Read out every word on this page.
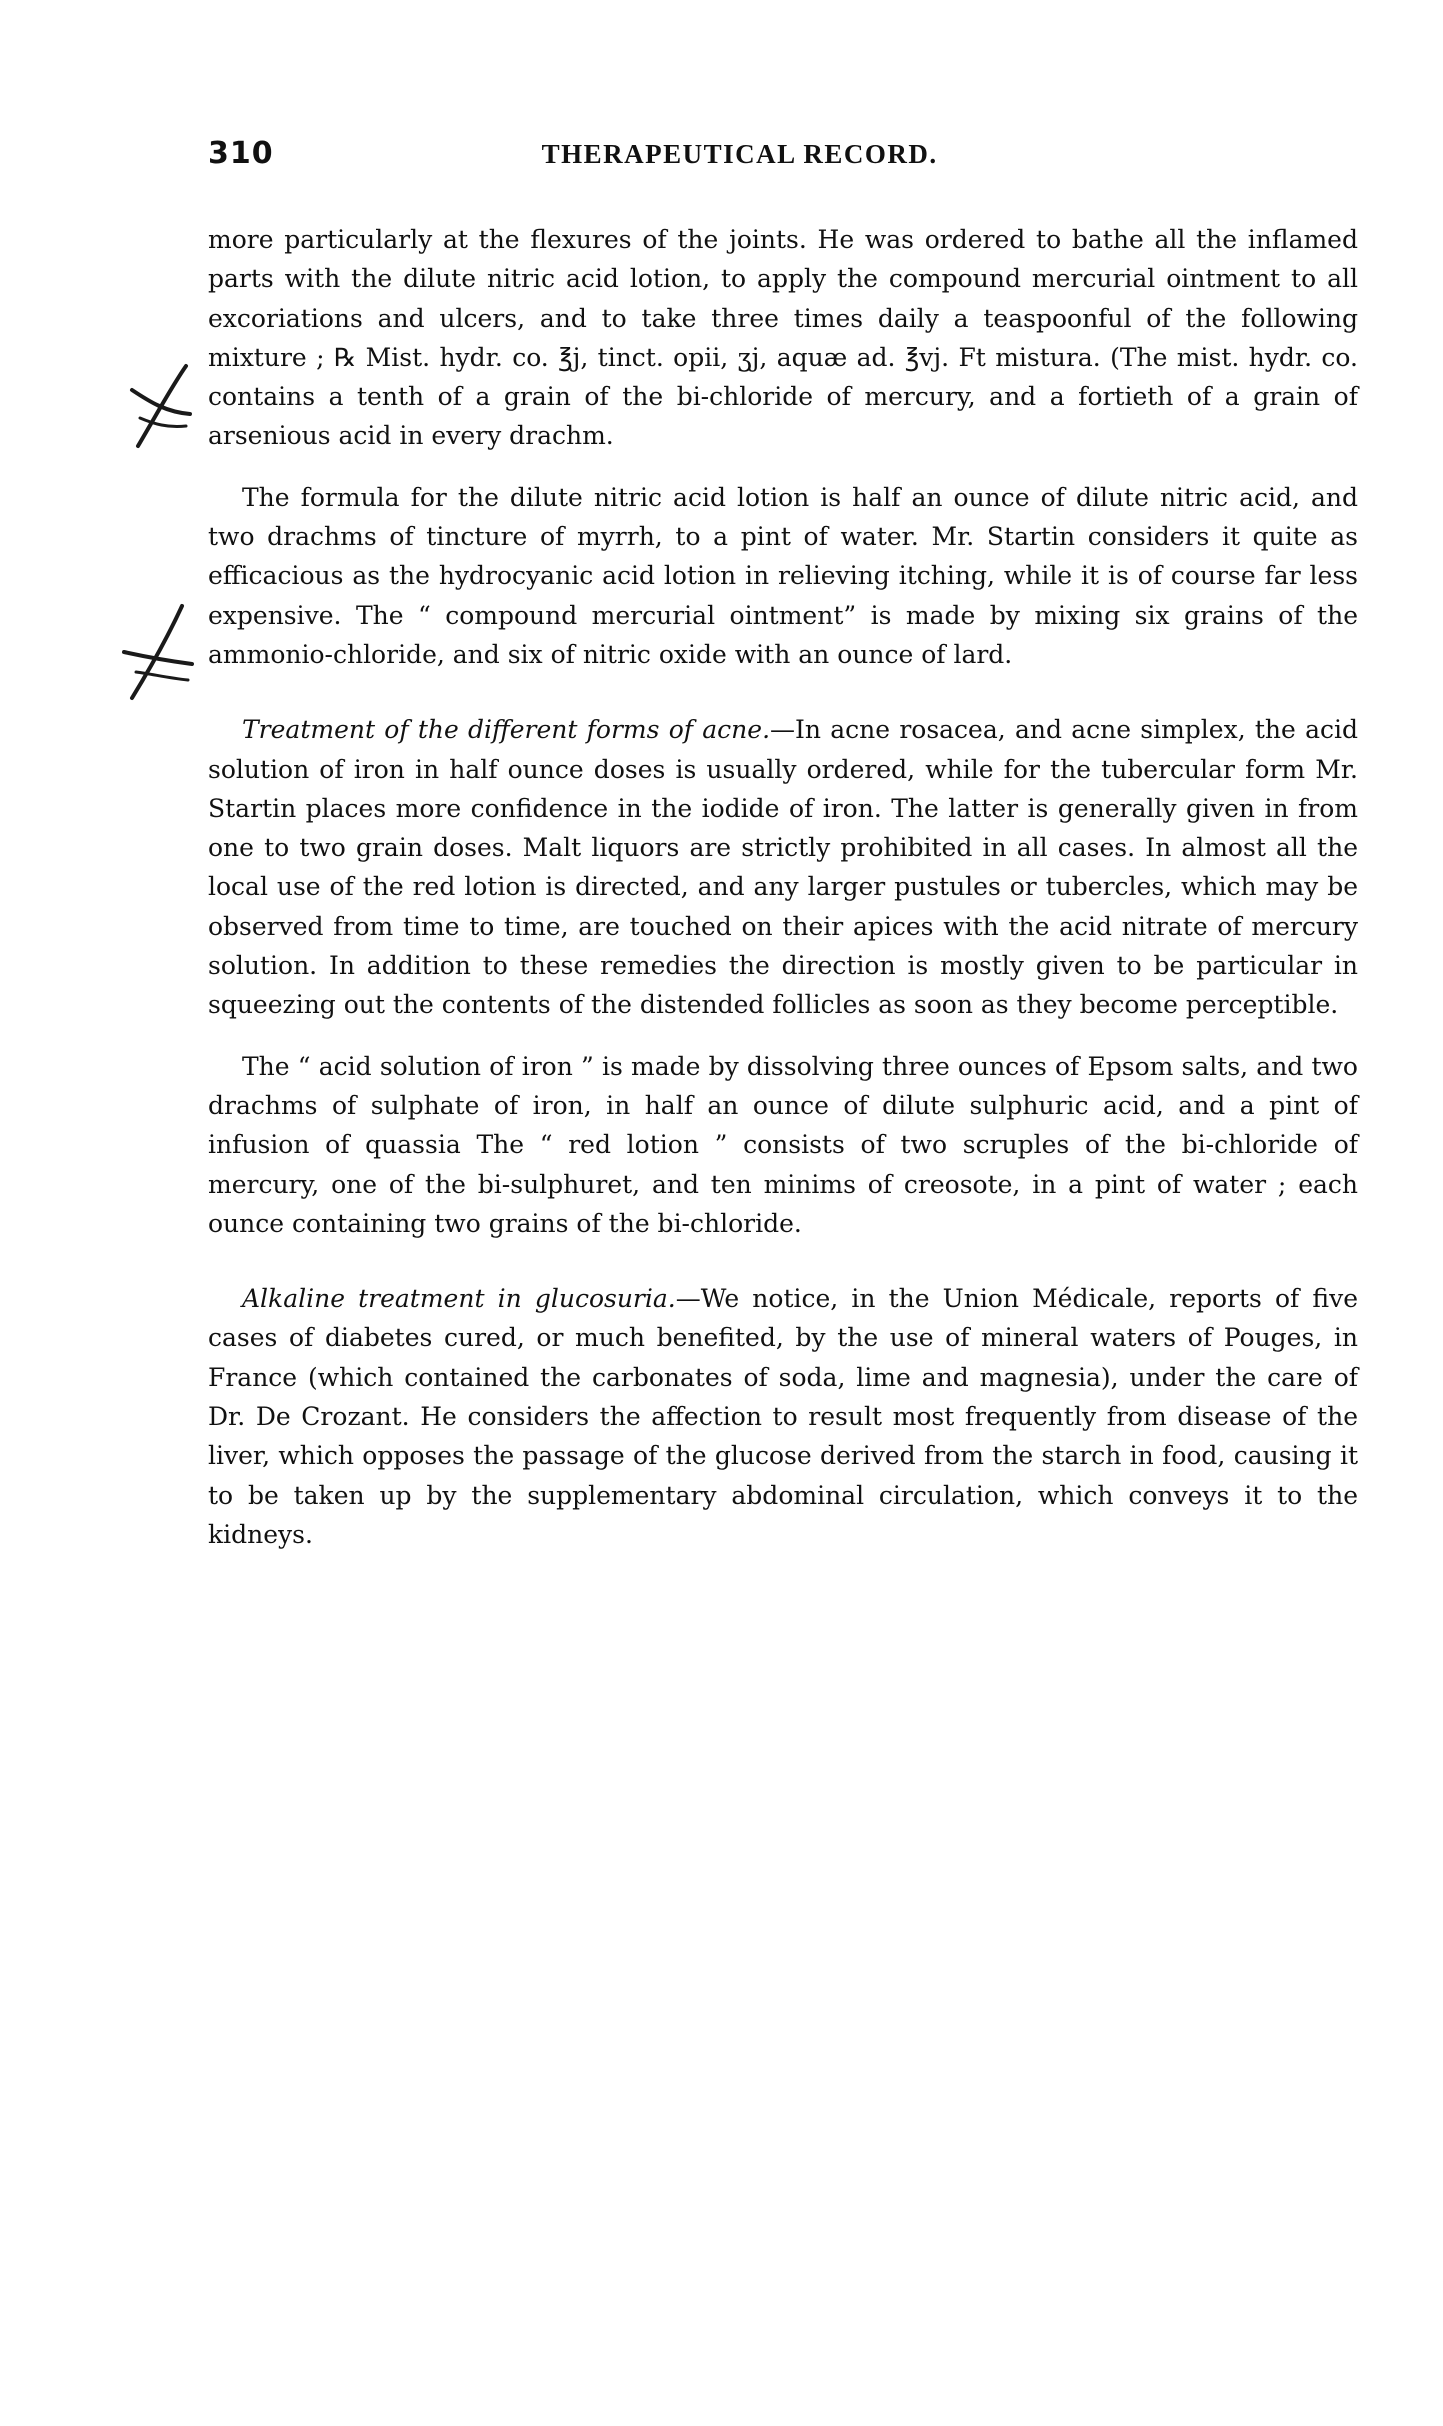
310	THERAPEUTICAL RECORD.

more particularly at the flexures of the joints. He was ordered to bathe all the inflamed parts with the dilute nitric acid lotion, to apply the compound mercurial ointment to all excoriations and ulcers, and to take three times daily a teaspoonful of the following mixture ; ℞ Mist. hydr. co. ℥j, tinct. opii, ʒj, aquæ ad. ℥vj. Ft mistura. (The mist. hydr. co. contains a tenth of a grain of the bi-chloride of mercury, and a fortieth of a grain of arsenious acid in every drachm.

The formula for the dilute nitric acid lotion is half an ounce of dilute nitric acid, and two drachms of tincture of myrrh, to a pint of water. Mr. Startin considers it quite as efficacious as the hydrocyanic acid lotion in relieving itching, while it is of course far less expensive. The “ compound mercurial ointment” is made by mixing six grains of the ammonio-chloride, and six of nitric oxide with an ounce of lard.

Treatment of the different forms of acne.—In acne rosacea, and acne simplex, the acid solution of iron in half ounce doses is usually ordered, while for the tubercular form Mr. Startin places more confidence in the iodide of iron. The latter is generally given in from one to two grain doses. Malt liquors are strictly prohibited in all cases. In almost all the local use of the red lotion is directed, and any larger pustules or tubercles, which may be observed from time to time, are touched on their apices with the acid nitrate of mercury solution. In addition to these remedies the direction is mostly given to be particular in squeezing out the contents of the distended follicles as soon as they become perceptible.

The “ acid solution of iron ” is made by dissolving three ounces of Epsom salts, and two drachms of sulphate of iron, in half an ounce of dilute sulphuric acid, and a pint of infusion of quassia The “ red lotion ” consists of two scruples of the bi-chloride of mercury, one of the bi-sulphuret, and ten minims of creosote, in a pint of water ; each ounce containing two grains of the bi-chloride.

Alkaline treatment in glucosuria.—We notice, in the Union Médicale, reports of five cases of diabetes cured, or much benefited, by the use of mineral waters of Pouges, in France (which contained the carbonates of soda, lime and magnesia), under the care of Dr. De Crozant. He considers the affection to result most frequently from disease of the liver, which opposes the passage of the glucose derived from the starch in food, causing it to be taken up by the supplementary abdominal circulation, which conveys it to the kidneys.
